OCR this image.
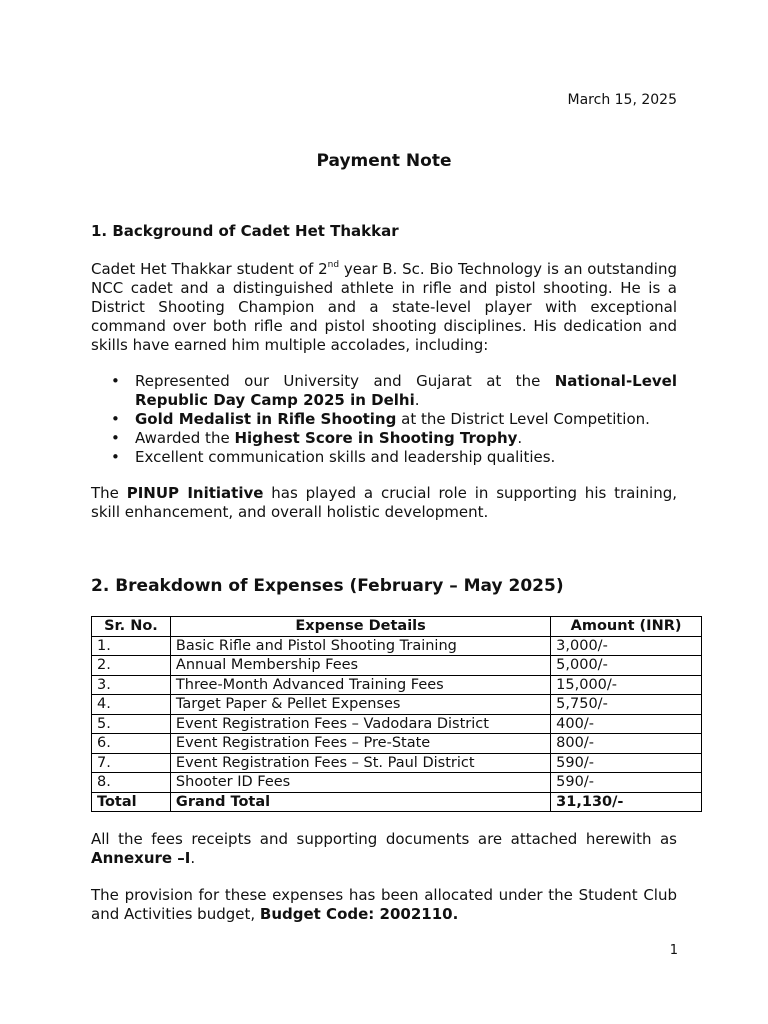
March 15, 2025
Payment Note
1. Background of Cadet Het Thakkar
Cadet Het Thakkar student of 2nd year B. Sc. Bio Technology is an outstanding NCC cadet and a distinguished athlete in rifle and pistol shooting. He is a District Shooting Champion and a state-level player with exceptional command over both rifle and pistol shooting disciplines. His dedication and skills have earned him multiple accolades, including:
• Represented our University and Gujarat at the National-Level Republic Day Camp 2025 in Delhi.
• Gold Medalist in Rifle Shooting at the District Level Competition.
• Awarded the Highest Score in Shooting Trophy.
• Excellent communication skills and leadership qualities.
The PINUP Initiative has played a crucial role in supporting his training, skill enhancement, and overall holistic development.
2. Breakdown of Expenses (February – May 2025)
Sr. No.	Expense Details	Amount (INR)
1.	Basic Rifle and Pistol Shooting Training	3,000/-
2.	Annual Membership Fees	5,000/-
3.	Three-Month Advanced Training Fees	15,000/-
4.	Target Paper & Pellet Expenses	5,750/-
5.	Event Registration Fees – Vadodara District	400/-
6.	Event Registration Fees – Pre-State	800/-
7.	Event Registration Fees – St. Paul District	590/-
8.	Shooter ID Fees	590/-
Total	Grand Total	31,130/-
All the fees receipts and supporting documents are attached herewith as Annexure –I.
The provision for these expenses has been allocated under the Student Club and Activities budget, Budget Code: 2002110.
1
